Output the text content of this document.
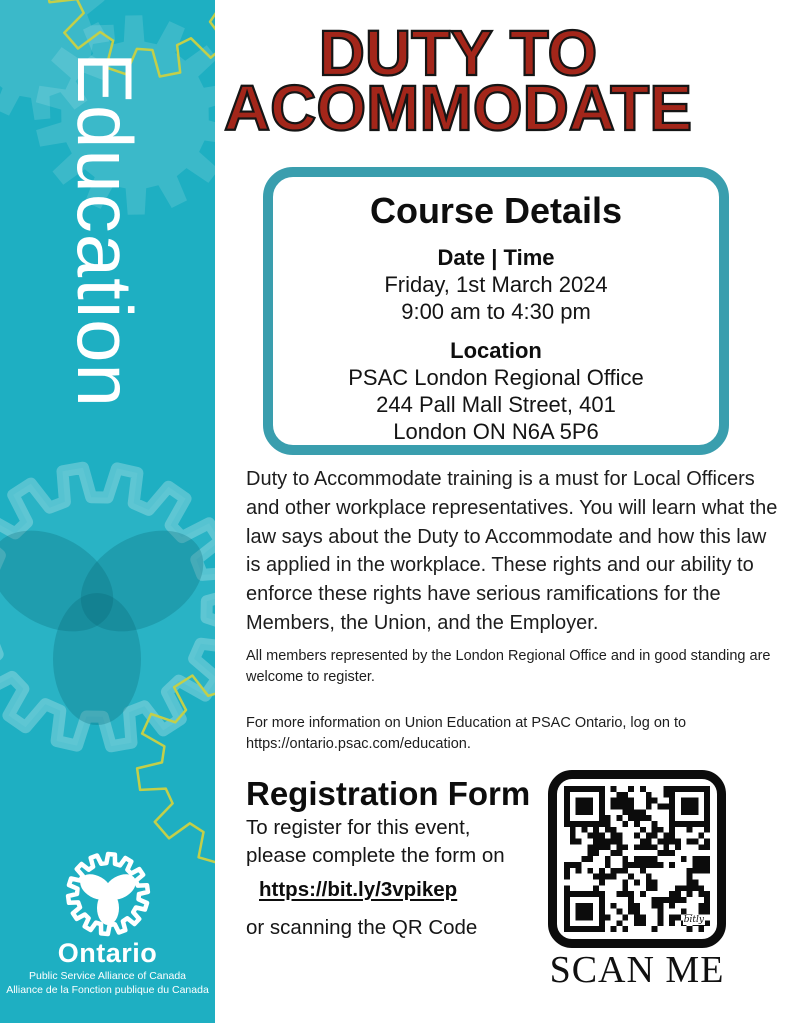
Education
Ontario
Public Service Alliance of Canada
Alliance de la Fonction publique du Canada
DUTY TO
ACOMMODATE
Course Details
Date | Time
Friday, 1st March 2024
9:00 am to 4:30 pm
Location
PSAC London Regional Office
244 Pall Mall Street, 401
London ON N6A 5P6
Duty to Accommodate training is a must for Local Officers and other workplace representatives. You will learn what the law says about the Duty to Accommodate and how this law is applied in the workplace. These rights and our ability to enforce these rights have serious ramifications for the Members, the Union, and the Employer.
All members represented by the London Regional Office and in good standing are welcome to register.
For more information on Union Education at PSAC Ontario, log on to https://ontario.psac.com/education.
Registration Form
To register for this event,
please complete the form on
https://bit.ly/3vpikep
or scanning the QR Code	bitly
SCAN ME
